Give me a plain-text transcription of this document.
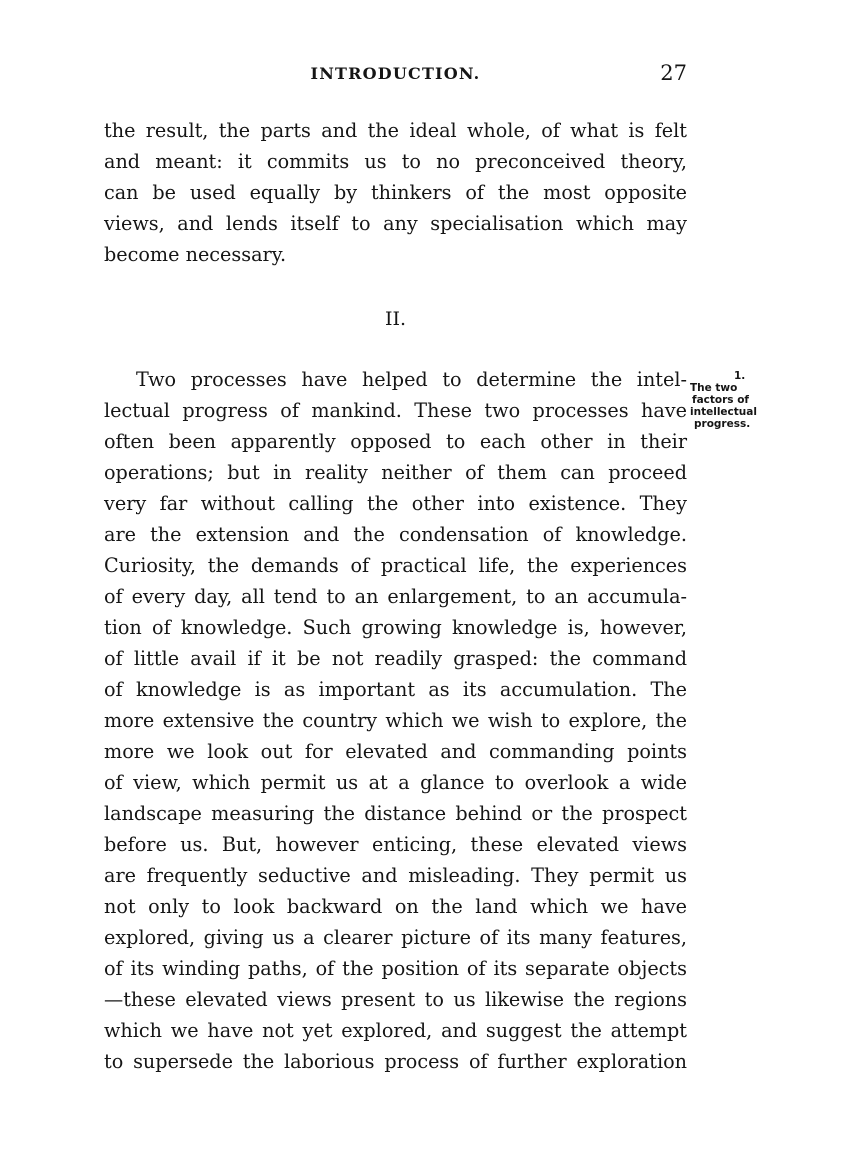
INTRODUCTION.	27
the result, the parts and the ideal whole, of what is felt
and meant: it commits us to no preconceived theory,
can be used equally by thinkers of the most opposite
views, and lends itself to any specialisation which may
become necessary.
II.
Two processes have helped to determine the intel-
lectual progress of mankind. These two processes have
often been apparently opposed to each other in their
operations; but in reality neither of them can proceed
very far without calling the other into existence. They
are the extension and the condensation of knowledge.
Curiosity, the demands of practical life, the experiences
of every day, all tend to an enlargement, to an accumula-
tion of knowledge. Such growing knowledge is, however,
of little avail if it be not readily grasped: the command
of knowledge is as important as its accumulation. The
more extensive the country which we wish to explore, the
more we look out for elevated and commanding points
of view, which permit us at a glance to overlook a wide
landscape measuring the distance behind or the prospect
before us. But, however enticing, these elevated views
are frequently seductive and misleading. They permit us
not only to look backward on the land which we have
explored, giving us a clearer picture of its many features,
of its winding paths, of the position of its separate objects
—these elevated views present to us likewise the regions
which we have not yet explored, and suggest the attempt
to supersede the laborious process of further exploration
1.
The two
factors of
intellectual
progress.
